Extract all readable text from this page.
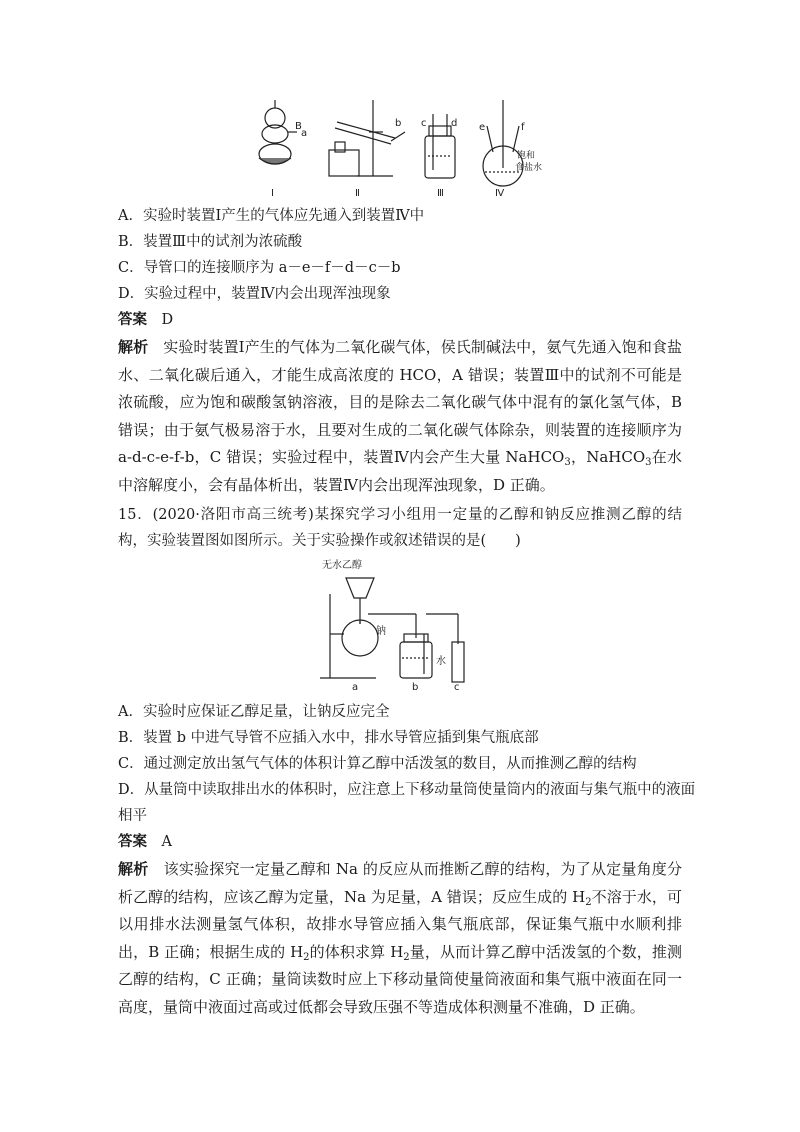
a
B	b c d e	f
饱和
食盐水
Ⅰ	Ⅱ	Ⅲ	Ⅳ
A．实验时装置Ⅰ产生的气体应先通入到装置Ⅳ中
B．装置Ⅲ中的试剂为浓硫酸
C．导管口的连接顺序为 a－e－f－d－c－b
D．实验过程中，装置Ⅳ内会出现浑浊现象
答案　 D
解析　 实验时装置Ⅰ产生的气体为二氧化碳气体，侯氏制碱法中，氨气先通入饱和食盐水、二氧化碳后通入，才能生成高浓度的 HCO，A 错误；装置Ⅲ中的试剂不可能是浓硫酸，应为饱和碳酸氢钠溶液，目的是除去二氧化碳气体中混有的氯化氢气体，B 错误；由于氨气极易溶于水，且要对生成的二氧化碳气体除杂，则装置的连接顺序为 a‐d‐c‐e‐f‐b，C 错误；实验过程中，装置Ⅳ内会产生大量 NaHCO$_3$，NaHCO$_3$在水中溶解度小，会有晶体析出，装置Ⅳ内会出现浑浊现象，D 正确。
15．(2020·洛阳市高三统考)某探究学习小组用一定量的乙醇和钠反应推测乙醇的结构，实验装置图如图所示。关于实验操作或叙述错误的是(　　)
无水乙醇
钠
水
a	b	c
A．实验时应保证乙醇足量，让钠反应完全
B．装置 b 中进气导管不应插入水中，排水导管应插到集气瓶底部
C．通过测定放出氢气气体的体积计算乙醇中活泼氢的数目，从而推测乙醇的结构
D．从量筒中读取排出水的体积时，应注意上下移动量筒使量筒内的液面与集气瓶中的液面
相平
答案　 A
解析　 该实验探究一定量乙醇和 Na 的反应从而推断乙醇的结构，为了从定量角度分析乙醇的结构，应该乙醇为定量，Na 为足量，A 错误；反应生成的 $H_2$不溶于水，可以用排水法测量氢气体积，故排水导管应插入集气瓶底部，保证集气瓶中水顺利排出，B 正确；根据生成的 $H_2$的体积求算 $H_2$量，从而计算乙醇中活泼氢的个数，推测乙醇的结构，C 正确；量筒读数时应上下移动量筒使量筒液面和集气瓶中液面在同一高度，量筒中液面过高或过低都会导致压强不等造成体积测量不准确，D 正确。
